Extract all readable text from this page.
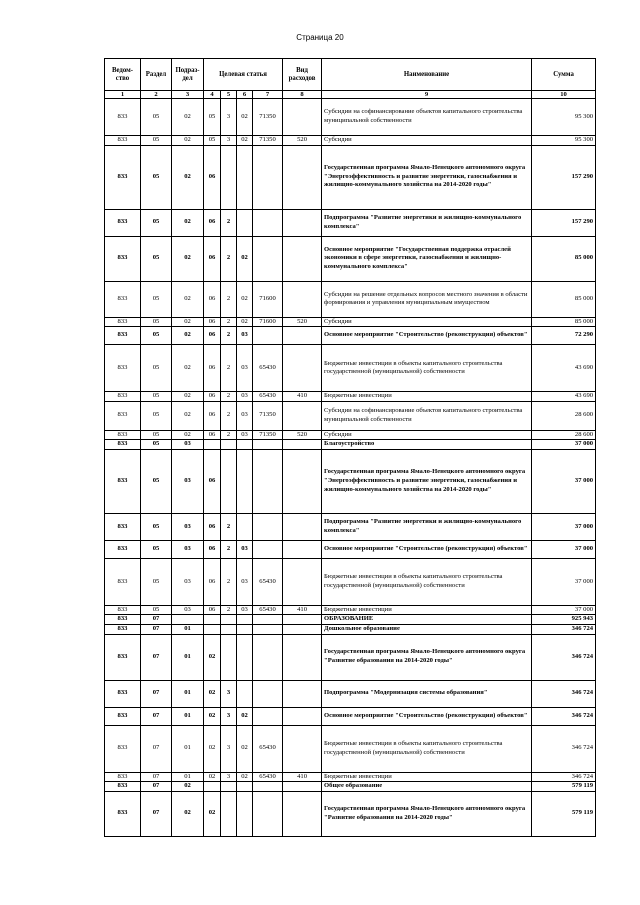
Страница 20
Ведом-ство	Раздел	Подраз-дел	Целевая статья				Вид расходов	Наименование	Сумма
1	2	3	4	5	6	7	8	9	10
833	05	02	05	3	02	71350		Субсидии на софинансирование объектов капитального строительства муниципальной собственности	95 300
833	05	02	05	3	02	71350	520	Субсидии	95 300
833	05	02	06					Государственная программа Ямало-Ненецкого автономного округа "Энергоэффективность и развитие энергетики, газоснабжения и жилищно-коммунального хозяйства на 2014-2020 годы"	157 290
833	05	02	06	2				Подпрограмма "Развитие энергетики и жилищно-коммунального комплекса"	157 290
833	05	02	06	2	02			Основное мероприятие "Государственная поддержка отраслей экономики в сфере энергетики, газоснабжения и жилищно-коммунального комплекса"	85 000
833	05	02	06	2	02	71600		Субсидии на решение отдельных вопросов местного значения в области формирования и управления муниципальным имуществом	85 000
833	05	02	06	2	02	71600	520	Субсидии	85 000
833	05	02	06	2	03			Основное мероприятие "Строительство (реконструкция) объектов"	72 290
833	05	02	06	2	03	65430		Бюджетные инвестиции в объекты капитального строительства государственной (муниципальной) собственности	43 690
833	05	02	06	2	03	65430	410	Бюджетные инвестиции	43 690
833	05	02	06	2	03	71350		Субсидии на софинансирование объектов капитального строительства муниципальной собственности	28 600
833	05	02	06	2	03	71350	520	Субсидии	28 600
833	05	03						Благоустройство	37 000
833	05	03	06					Государственная программа Ямало-Ненецкого автономного округа "Энергоэффективность и развитие энергетики, газоснабжения и жилищно-коммунального хозяйства на 2014-2020 годы"	37 000
833	05	03	06	2				Подпрограмма "Развитие энергетики и жилищно-коммунального комплекса"	37 000
833	05	03	06	2	03			Основное мероприятие "Строительство (реконструкция) объектов"	37 000
833	05	03	06	2	03	65430		Бюджетные инвестиции в объекты капитального строительства государственной (муниципальной) собственности	37 000
833	05	03	06	2	03	65430	410	Бюджетные инвестиции	37 000
833	07							ОБРАЗОВАНИЕ	925 943
833	07	01						Дошкольное образование	346 724
833	07	01	02					Государственная программа Ямало-Ненецкого автономного округа "Развитие образования на 2014-2020 годы"	346 724
833	07	01	02	3				Подпрограмма "Модернизация системы образования"	346 724
833	07	01	02	3	02			Основное мероприятие "Строительство (реконструкция) объектов"	346 724
833	07	01	02	3	02	65430		Бюджетные инвестиции в объекты капитального строительства государственной (муниципальной) собственности	346 724
833	07	01	02	3	02	65430	410	Бюджетные инвестиции	346 724
833	07	02						Общее образование	579 119
833	07	02	02					Государственная программа Ямало-Ненецкого автономного округа "Развитие образования на 2014-2020 годы"	579 119
